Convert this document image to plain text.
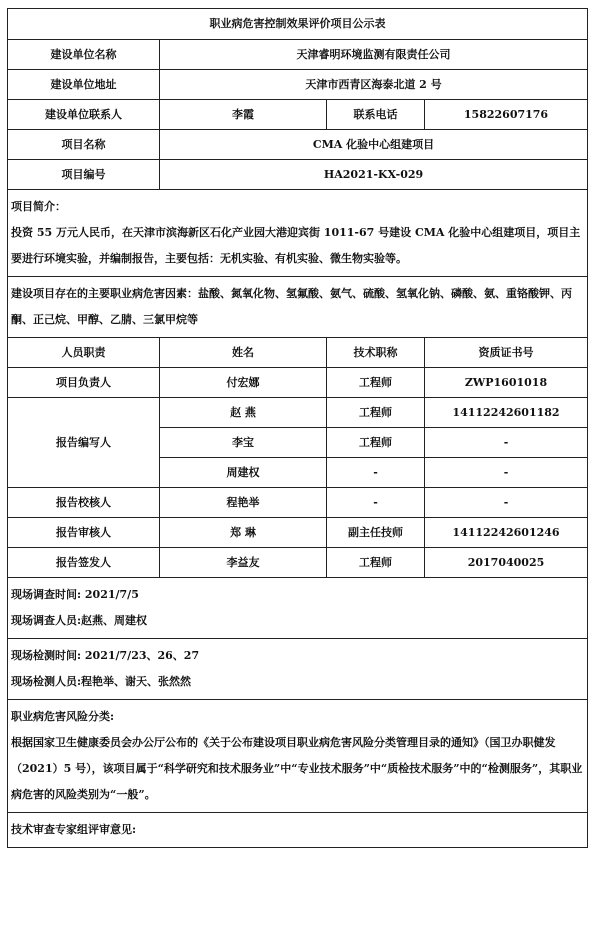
职业病危害控制效果评价项目公示表			
建设单位名称	天津睿明环境监测有限责任公司		
建设单位地址	天津市西青区海泰北道 2 号		
建设单位联系人	李霞	联系电话	15822607176
项目名称	CMA 化验中心组建项目		
项目编号	HA2021-KX-029		

项目简介：
投资 55 万元人民币，在天津市滨海新区石化产业园大港迎宾街 1011-67 号建设 CMA 化验中心组建项目，项目主要进行环境实验，并编制报告，主要包括：无机实验、有机实验、微生物实验等。			

建设项目存在的主要职业病危害因素：盐酸、氮氧化物、氢氟酸、氨气、硫酸、氢氧化钠、磷酸、氨、重铬酸钾、丙酮、正己烷、甲醇、乙腈、三氯甲烷等			
人员职责	姓名	技术职称	资质证书号
项目负责人	付宏娜	工程师	ZWP1601018
报告编写人	赵 燕	工程师	14112242601182
	李宝	工程师	-
	周建权	-	-
报告校核人	程艳举	-	-
报告审核人	郑 琳	副主任技师	14112242601246
报告签发人	李益友	工程师	2017040025

现场调查时间: 2021/7/5
现场调查人员:赵燕、周建权			

现场检测时间: 2021/7/23、26、27
现场检测人员:程艳举、谢天、张然然			

职业病危害风险分类:
根据国家卫生健康委员会办公厅公布的《关于公布建设项目职业病危害风险分类管理目录的通知》（国卫办职健发（2021）5 号），该项目属于“科学研究和技术服务业”中“专业技术服务”中“质检技术服务”中的“检测服务”，其职业病危害的风险类别为“一般”。			

技术审查专家组评审意见:			
